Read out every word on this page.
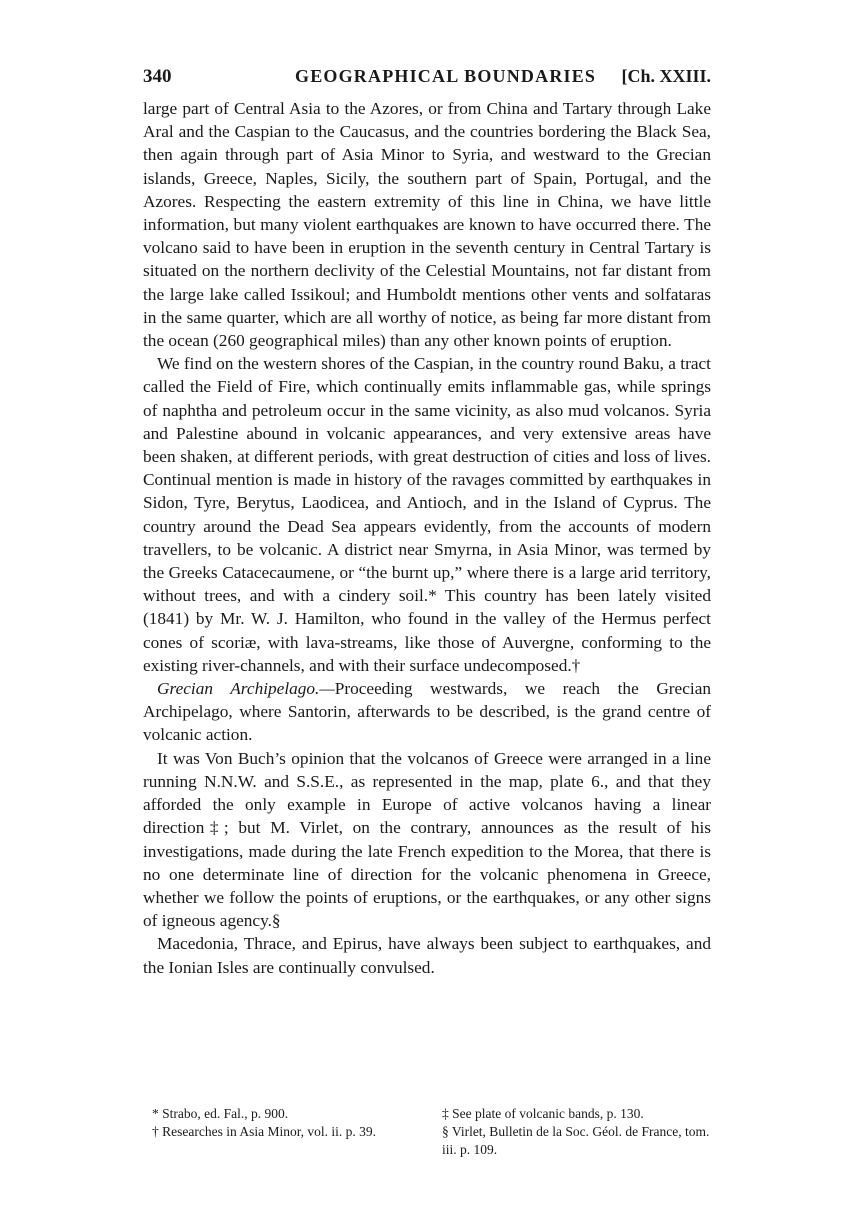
340	GEOGRAPHICAL BOUNDARIES [Ch. XXIII.

large part of Central Asia to the Azores, or from China and Tartary through Lake Aral and the Caspian to the Caucasus, and the countries bordering the Black Sea, then again through part of Asia Minor to Syria, and westward to the Grecian islands, Greece, Naples, Sicily, the southern part of Spain, Portugal, and the Azores. Respecting the eastern extremity of this line in China, we have little information, but many violent earthquakes are known to have occurred there. The volcano said to have been in eruption in the seventh century in Central Tartary is situated on the northern declivity of the Celestial Mountains, not far distant from the large lake called Issikoul; and Humboldt mentions other vents and solfataras in the same quarter, which are all worthy of notice, as being far more distant from the ocean (260 geographical miles) than any other known points of eruption.

We find on the western shores of the Caspian, in the country round Baku, a tract called the Field of Fire, which continually emits inflammable gas, while springs of naphtha and petroleum occur in the same vicinity, as also mud volcanos. Syria and Palestine abound in volcanic appearances, and very extensive areas have been shaken, at different periods, with great destruction of cities and loss of lives. Continual mention is made in history of the ravages committed by earthquakes in Sidon, Tyre, Berytus, Laodicea, and Antioch, and in the Island of Cyprus. The country around the Dead Sea appears evidently, from the accounts of modern travellers, to be volcanic. A district near Smyrna, in Asia Minor, was termed by the Greeks Catacecaumene, or “the burnt up,” where there is a large arid territory, without trees, and with a cindery soil.* This country has been lately visited (1841) by Mr. W. J. Hamilton, who found in the valley of the Hermus perfect cones of scoriæ, with lava-streams, like those of Auvergne, conforming to the existing river-channels, and with their surface undecomposed.†

Grecian Archipelago.—Proceeding westwards, we reach the Grecian Archipelago, where Santorin, afterwards to be described, is the grand centre of volcanic action.

It was Von Buch’s opinion that the volcanos of Greece were arranged in a line running N.N.W. and S.S.E., as represented in the map, plate 6., and that they afforded the only example in Europe of active volcanos having a linear direction‡; but M. Virlet, on the contrary, announces as the result of his investigations, made during the late French expedition to the Morea, that there is no one determinate line of direction for the volcanic phenomena in Greece, whether we follow the points of eruptions, or the earthquakes, or any other signs of igneous agency.§

Macedonia, Thrace, and Epirus, have always been subject to earthquakes, and the Ionian Isles are continually convulsed.

* Strabo, ed. Fal., p. 900.
† Researches in Asia Minor, vol. ii. p. 39.
‡ See plate of volcanic bands, p. 130.
§ Virlet, Bulletin de la Soc. Géol. de France, tom. iii. p. 109.
